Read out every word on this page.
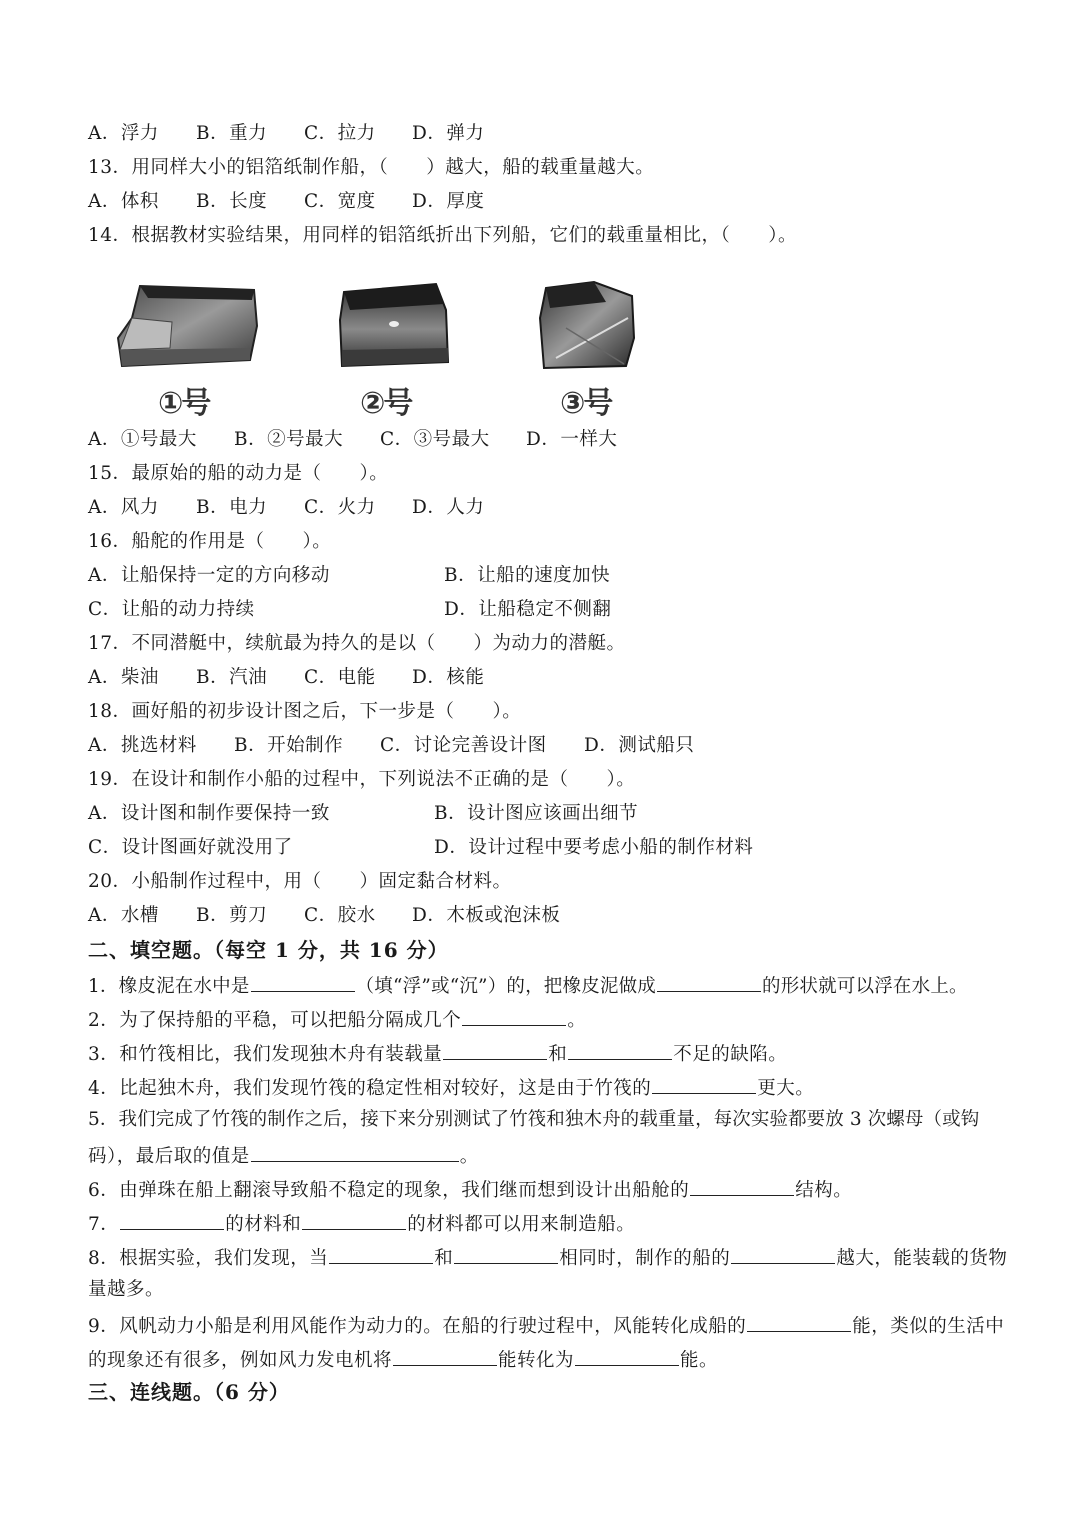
A．浮力 B．重力 C．拉力 D．弹力
13．用同样大小的铝箔纸制作船，（　　）越大，船的载重量越大。
A．体积 B．长度 C．宽度 D．厚度
14．根据教材实验结果，用同样的铝箔纸折出下列船，它们的载重量相比，（　　）。
①号	②号	③号
A．①号最大 B．②号最大 C．③号最大 D．一样大
15．最原始的船的动力是（　　）。
A．风力 B．电力 C．火力 D．人力
16．船舵的作用是（　　）。
A．让船保持一定的方向移动	B．让船的速度加快
C．让船的动力持续	D．让船稳定不侧翻
17．不同潜艇中，续航最为持久的是以（　　）为动力的潜艇。
A．柴油 B．汽油 C．电能 D．核能
18．画好船的初步设计图之后，下一步是（　　）。
A．挑选材料 B．开始制作 C．讨论完善设计图 D．测试船只
19．在设计和制作小船的过程中，下列说法不正确的是（　　）。
A．设计图和制作要保持一致	B．设计图应该画出细节
C．设计图画好就没用了	D．设计过程中要考虑小船的制作材料
20．小船制作过程中，用（　　）固定黏合材料。
A．水槽 B．剪刀 C．胶水 D．木板或泡沫板
二、填空题。（每空 1 分，共 16 分）
1．橡皮泥在水中是	（填“浮”或“沉”）的，把橡皮泥做成	的形状就可以浮在水上。
2．为了保持船的平稳，可以把船分隔成几个	。
3．和竹筏相比，我们发现独木舟有装载量	和	不足的缺陷。
4．比起独木舟，我们发现竹筏的稳定性相对较好，这是由于竹筏的	更大。
5．我们完成了竹筏的制作之后，接下来分别测试了竹筏和独木舟的载重量，每次实验都要放 3 次螺母（或钩
码），最后取的值是	。
6．由弹珠在船上翻滚导致船不稳定的现象，我们继而想到设计出船舱的	结构。
7．	的材料和	的材料都可以用来制造船。
8．根据实验，我们发现，当	和	相同时，制作的船的	越大，能装载的货物
量越多。
9．风帆动力小船是利用风能作为动力的。在船的行驶过程中，风能转化成船的	能，类似的生活中
的现象还有很多，例如风力发电机将	能转化为	能。
三、连线题。（6 分）
